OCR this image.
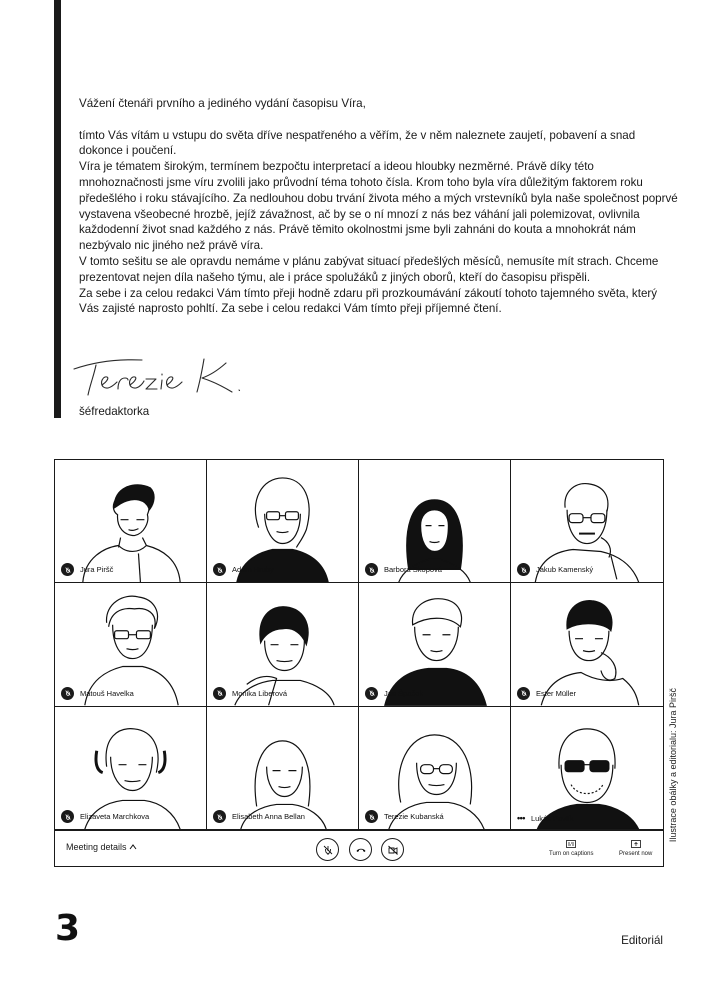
Vážení čtenáři prvního a jediného vydání časopisu Víra,

tímto Vás vítám u vstupu do světa dříve nespatřeného a věřím, že v něm naleznete zaujetí, pobavení a snad dokonce i poučení.

Víra je tématem širokým, termínem bezpočtu interpretací a ideou hloubky nezměrné. Právě díky této mnohoznačnosti jsme víru zvolili jako průvodní téma tohoto čísla. Krom toho byla víra důležitým faktorem roku předešlého i roku stávajícího. Za nedlouhou dobu trvání života mého a mých vrstevníků byla naše společnost poprvé vystavena všeobecné hrozbě, jejíž závažnost, ač by se o ní mnozí z nás bez váhání jali polemizovat, ovlivnila každodenní život snad každého z nás. Právě těmito okolnostmi jsme byli zahnáni do kouta a mnohokrát nám nezbývalo nic jiného než právě víra.

V tomto sešitu se ale opravdu nemáme v plánu zabývat situací předešlých měsíců, nemusíte mít strach. Chceme prezentovat nejen díla našeho týmu, ale i práce spolužáků z jiných oborů, kteří do časopisu přispěli.

Za sebe i za celou redakci Vám tímto přeji hodně zdaru při prozkoumávání zákoutí tohoto tajemného světa, který Vás zajisté naprosto pohltí. Za sebe i celou redakci Vám tímto přeji příjemné čtení.

šéfredaktorka
Jura Piršč	Adam Hruby	Barbora Škopová	Jakub Kamenský
Matouš Havelka	Monika Liberová	Jan Špaček	Ester Müller
Elizaveta Marchkova	Elisabeth Anna Bellan	Terezie Kubanská	••• Lukáš Pavlík
Meeting details
Turn on captions	Present now
Ilustrace obálky a editorialu: Jura Piršč
3	Editoriál
